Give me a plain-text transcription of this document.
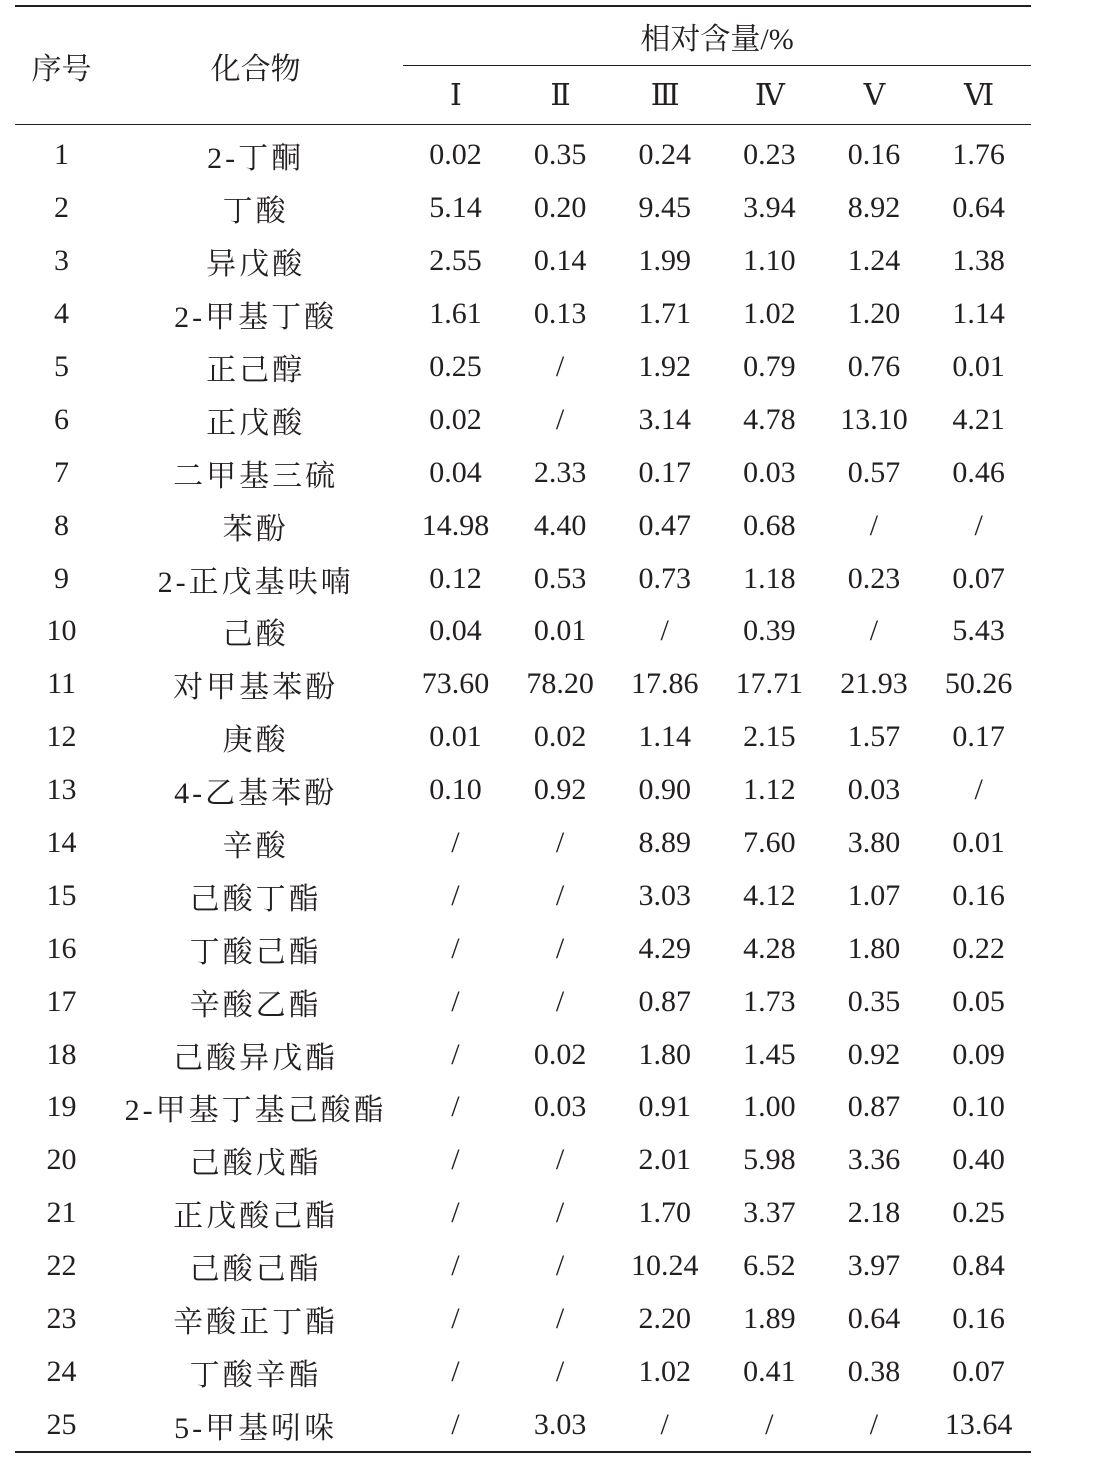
序号	化合物	相对含量/%					
		Ⅰ	Ⅱ	Ⅲ	Ⅳ	Ⅴ	Ⅵ
1	2-丁酮	0.02	0.35	0.24	0.23	0.16	1.76
2	丁酸	5.14	0.20	9.45	3.94	8.92	0.64
3	异戊酸	2.55	0.14	1.99	1.10	1.24	1.38
4	2-甲基丁酸	1.61	0.13	1.71	1.02	1.20	1.14
5	正己醇	0.25	/	1.92	0.79	0.76	0.01
6	正戊酸	0.02	/	3.14	4.78	13.10	4.21
7	二甲基三硫	0.04	2.33	0.17	0.03	0.57	0.46
8	苯酚	14.98	4.40	0.47	0.68	/	/
9	2-正戊基呋喃	0.12	0.53	0.73	1.18	0.23	0.07
10	己酸	0.04	0.01	/	0.39	/	5.43
11	对甲基苯酚	73.60	78.20	17.86	17.71	21.93	50.26
12	庚酸	0.01	0.02	1.14	2.15	1.57	0.17
13	4-乙基苯酚	0.10	0.92	0.90	1.12	0.03	/
14	辛酸	/	/	8.89	7.60	3.80	0.01
15	己酸丁酯	/	/	3.03	4.12	1.07	0.16
16	丁酸己酯	/	/	4.29	4.28	1.80	0.22
17	辛酸乙酯	/	/	0.87	1.73	0.35	0.05
18	己酸异戊酯	/	0.02	1.80	1.45	0.92	0.09
19	2-甲基丁基己酸酯	/	0.03	0.91	1.00	0.87	0.10
20	己酸戊酯	/	/	2.01	5.98	3.36	0.40
21	正戊酸己酯	/	/	1.70	3.37	2.18	0.25
22	己酸己酯	/	/	10.24	6.52	3.97	0.84
23	辛酸正丁酯	/	/	2.20	1.89	0.64	0.16
24	丁酸辛酯	/	/	1.02	0.41	0.38	0.07
25	5-甲基吲哚	/	3.03	/	/	/	13.64
